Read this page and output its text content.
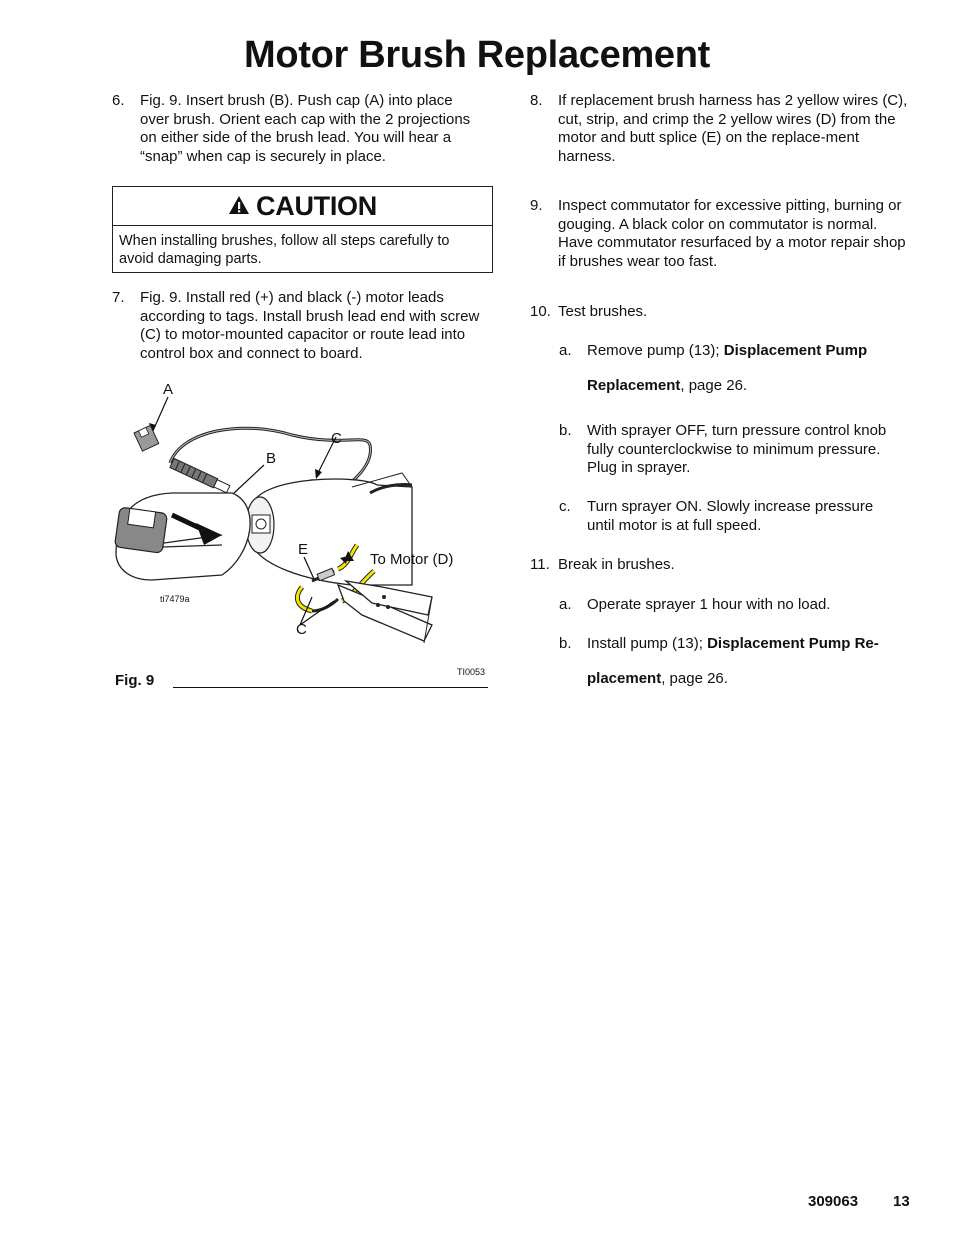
Motor Brush Replacement
6. Fig. 9. Insert brush (B). Push cap (A) into place over brush. Orient each cap with the 2 projections on either side of the brush lead. You will hear a “snap” when cap is securely in place.
CAUTION
When installing brushes, follow all steps carefully to avoid damaging parts.
7. Fig. 9. Install red (+) and black (-) motor leads according to tags. Install brush lead end with screw (C) to motor-mounted capacitor or route lead into control box and connect to board.
A
B
C
E
To Motor (D)
C
ti7479a
TI0053
Fig. 9
8. If replacement brush harness has 2 yellow wires (C), cut, strip, and crimp the 2 yellow wires (D) from the motor and butt splice (E) on the replace-ment harness.
9. Inspect commutator for excessive pitting, burning or gouging. A black color on commutator is normal. Have commutator resurfaced by a motor repair shop if brushes wear too fast.
10. Test brushes.
a. Remove pump (13); Displacement Pump
Replacement, page 26.
b. With sprayer OFF, turn pressure control knob fully counterclockwise to minimum pressure. Plug in sprayer.
c. Turn sprayer ON. Slowly increase pressure until motor is at full speed.
11. Break in brushes.
a. Operate sprayer 1 hour with no load.
b. Install pump (13); Displacement Pump Re-
placement, page 26.
309063 13
